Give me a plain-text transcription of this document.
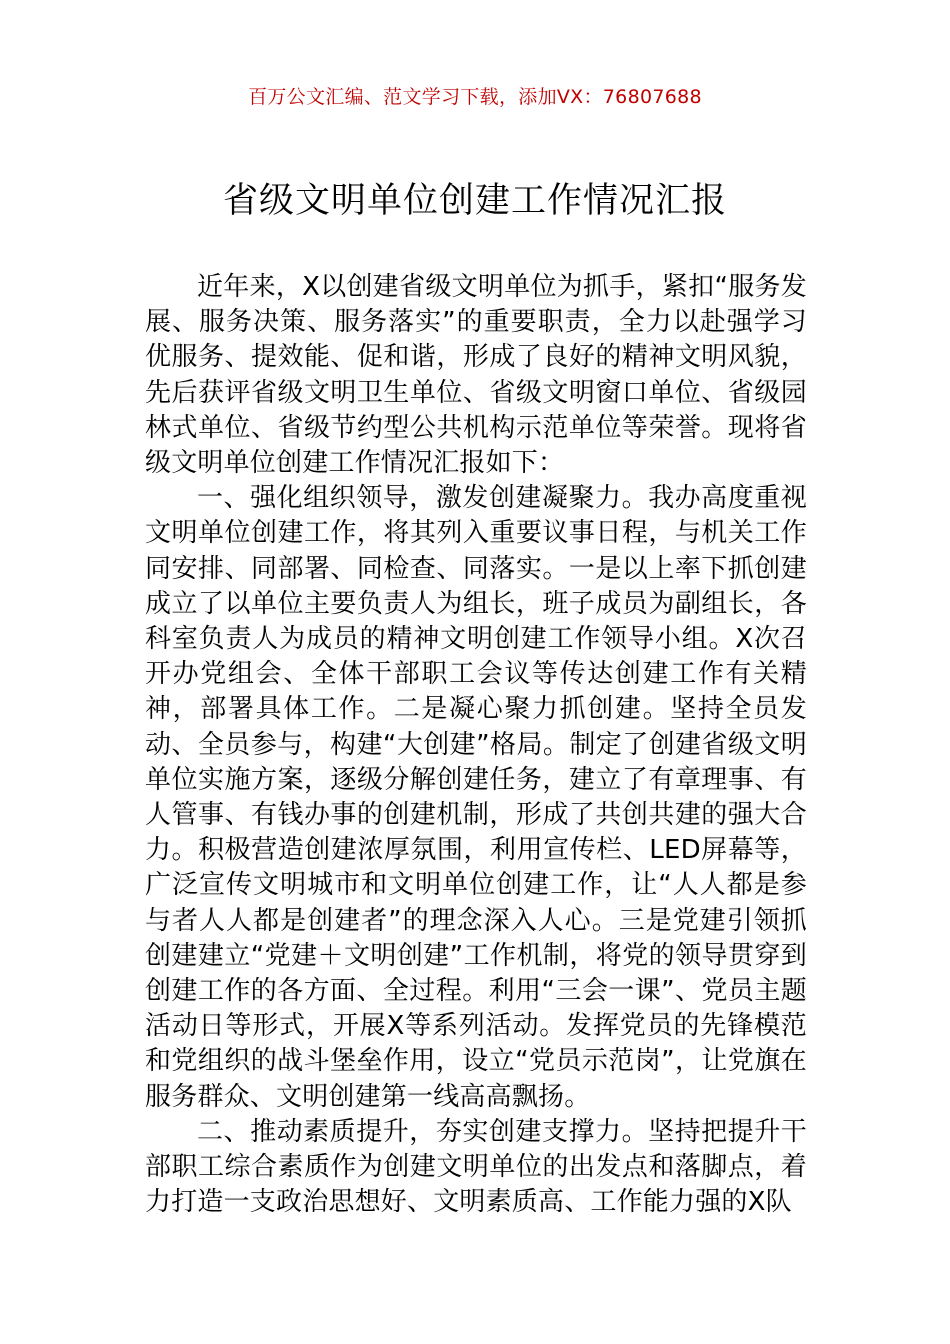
百万公文汇编、范文学习下载，添加VX：76807688
省级文明单位创建工作情况汇报

近年来，X以创建省级文明单位为抓手，紧扣“服务发展、服务决策、服务落实”的重要职责，全力以赴强学习优服务、提效能、促和谐，形成了良好的精神文明风貌，先后获评省级文明卫生单位、省级文明窗口单位、省级园林式单位、省级节约型公共机构示范单位等荣誉。现将省级文明单位创建工作情况汇报如下：

一、强化组织领导，激发创建凝聚力。我办高度重视文明单位创建工作，将其列入重要议事日程，与机关工作同安排、同部署、同检查、同落实。一是以上率下抓创建成立了以单位主要负责人为组长，班子成员为副组长，各科室负责人为成员的精神文明创建工作领导小组。X次召开办党组会、全体干部职工会议等传达创建工作有关精神，部署具体工作。二是凝心聚力抓创建。坚持全员发动、全员参与，构建“大创建”格局。制定了创建省级文明单位实施方案，逐级分解创建任务，建立了有章理事、有人管事、有钱办事的创建机制，形成了共创共建的强大合力。积极营造创建浓厚氛围，利用宣传栏、LED屏幕等，广泛宣传文明城市和文明单位创建工作，让“人人都是参与者人人都是创建者”的理念深入人心。三是党建引领抓创建建立“党建＋文明创建”工作机制，将党的领导贯穿到创建工作的各方面、全过程。利用“三会一课”、党员主题活动日等形式，开展X等系列活动。发挥党员的先锋模范和党组织的战斗堡垒作用，设立“党员示范岗”，让党旗在服务群众、文明创建第一线高高飘扬。

二、推动素质提升，夯实创建支撑力。坚持把提升干部职工综合素质作为创建文明单位的出发点和落脚点，着力打造一支政治思想好、文明素质高、工作能力强的X队
